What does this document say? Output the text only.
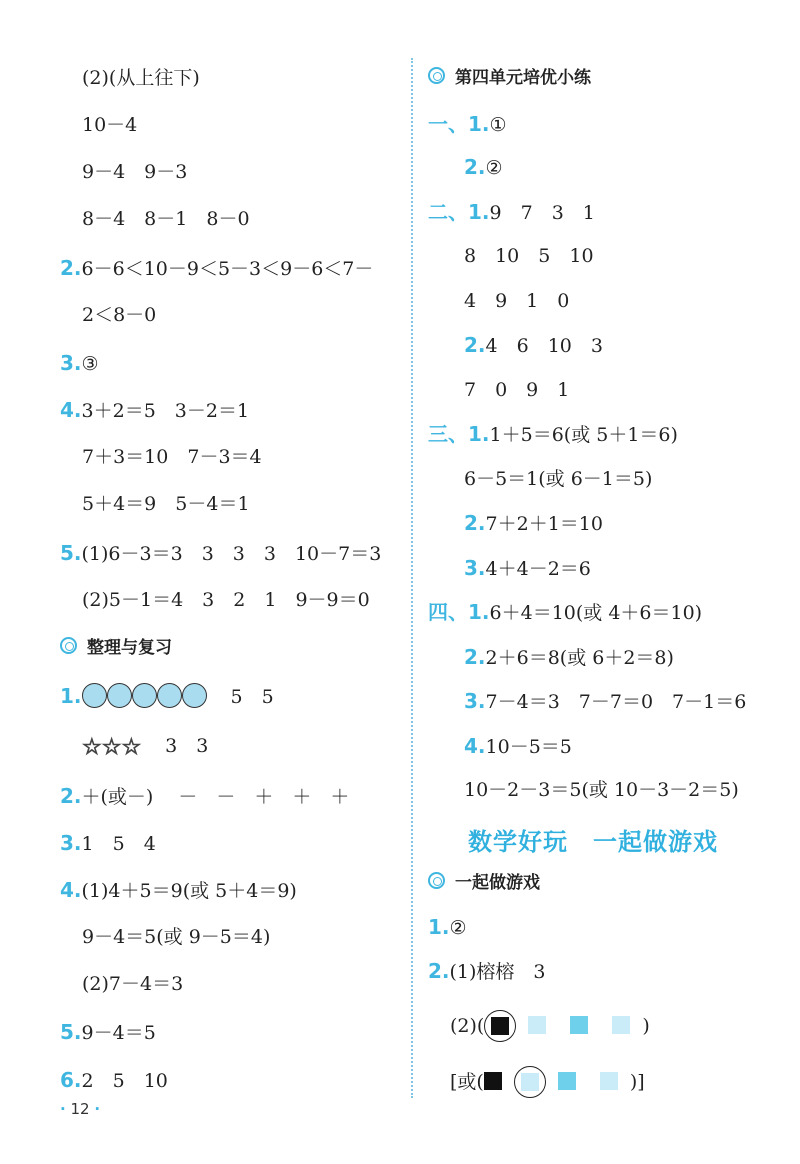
(2)(从上往下)
10－4
9－4　9－3
8－4　8－1　8－0
2.6－6＜10－9＜5－3＜9－6＜7－
2＜8－0
3.③
4.3＋2＝5　3－2＝1
7＋3＝10　7－3＝4
5＋4＝9　5－4＝1
5.(1)6－3＝3　3　3　3　10－7＝3
(2)5－1＝4　3　2　1　9－9＝0
整理与复习
1.	5　5
☆☆☆ 3　3
2.＋(或－)　 －　－　＋　＋　＋
3.1　5　4
4.(1)4＋5＝9(或 5＋4＝9)
9－4＝5(或 9－5＝4)
(2)7－4＝3
5.9－4＝5
6.2　5　10
第四单元培优小练
一、1.①
2.②
二、1.9　7　3　1
8　10　5　10
4　9　1　0
2.4　6　10　3
7　0　9　1
三、1.1＋5＝6(或 5＋1＝6)
6－5＝1(或 6－1＝5)
2.7＋2＋1＝10
3.4＋4－2＝6
四、1.6＋4＝10(或 4＋6＝10)
2.2＋6＝8(或 6＋2＝8)
3.7－4＝3　7－7＝0　7－1＝6
4.10－5＝5
10－2－3＝5(或 10－3－2＝5)
数学好玩　一起做游戏
一起做游戏
1.②
2.(1)榕榕　3
(2)(	)
[或(	)]
· 12 ·
